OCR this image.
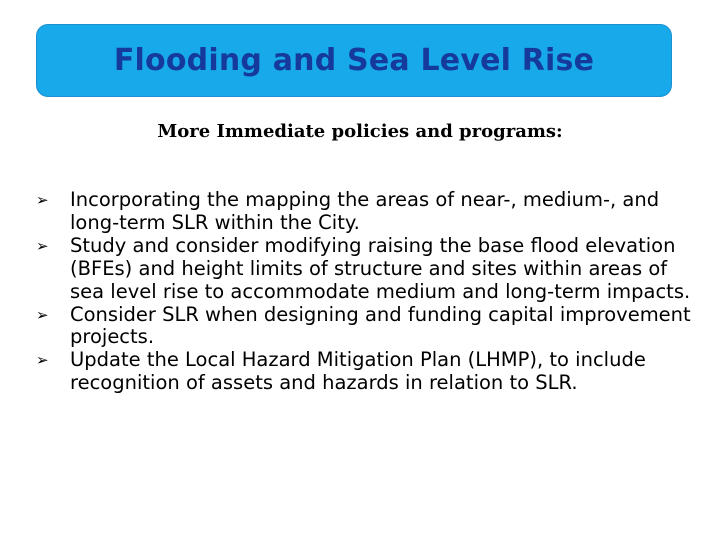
Flooding and Sea Level Rise
More Immediate policies and programs:
➢ Incorporating the mapping the areas of near-, medium-, and long-term SLR within the City.
➢ Study and consider modifying raising the base flood elevation (BFEs) and height limits of structure and sites within areas of sea level rise to accommodate medium and long-term impacts.
➢ Consider SLR when designing and funding capital improvement projects.
➢ Update the Local Hazard Mitigation Plan (LHMP), to include recognition of assets and hazards in relation to SLR.
